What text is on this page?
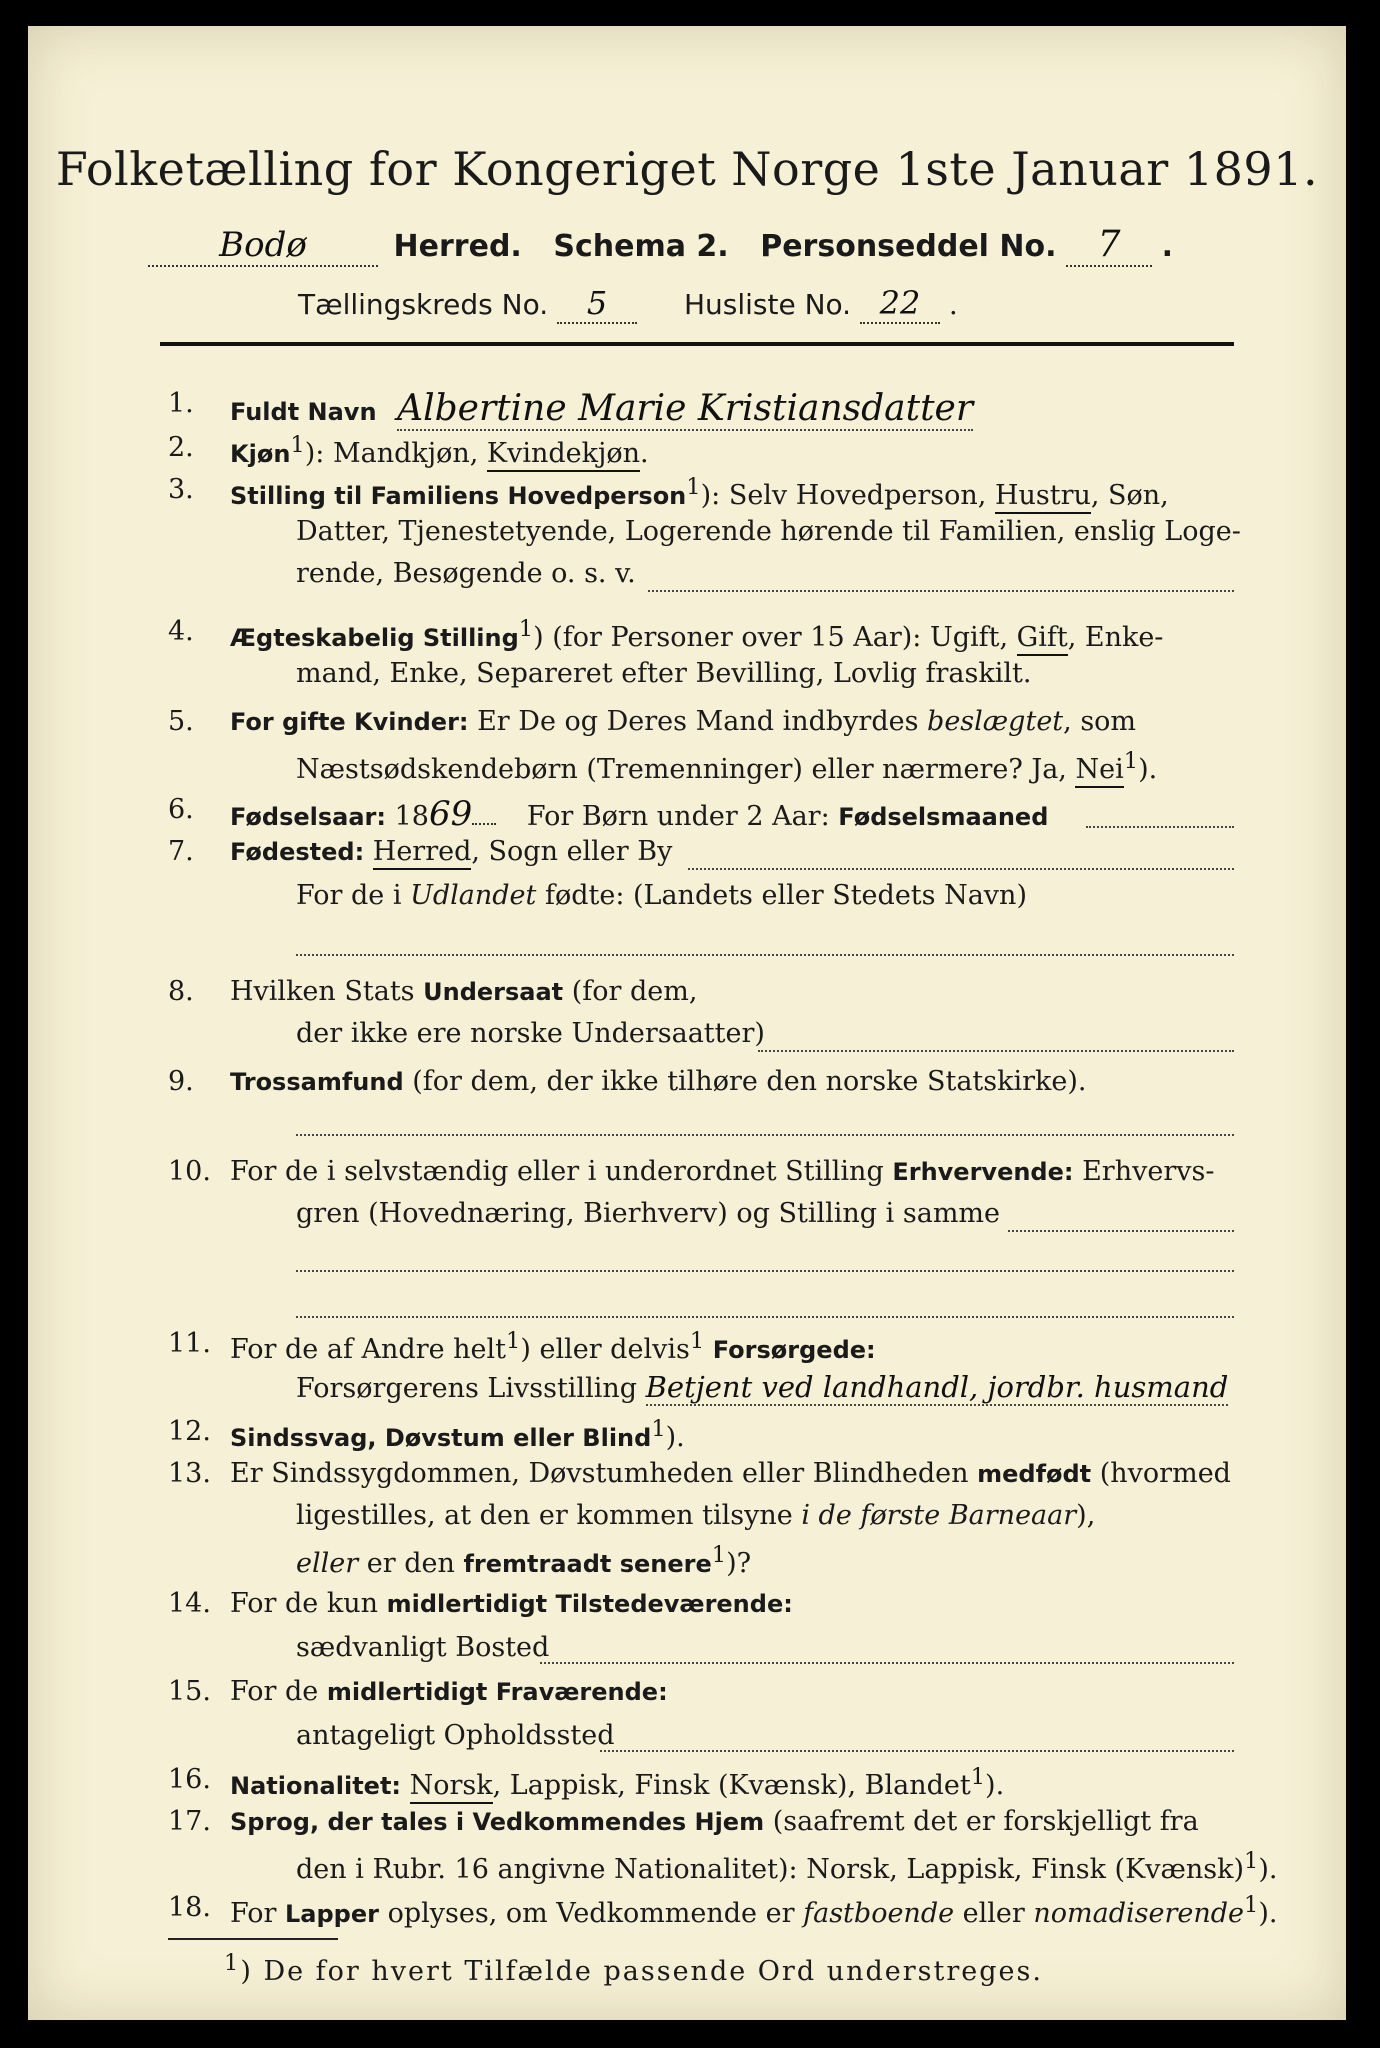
Folketælling for Kongeriget Norge 1ste Januar 1891.
Bodø	Herred. Schema 2. Personseddel No. 7 .
Tællingskreds No. 5	Husliste No. 22 .
1.	Fuldt Navn Albertine Marie Kristiansdatter
2.	Kjøn$^1$): Mandkjøn, Kvindekjøn.
3.	Stilling til Familiens Hovedperson$^1$): Selv Hovedperson, Hustru, Søn,
Datter, Tjenestetyende, Logerende hørende til Familien, enslig Loge-
rende, Besøgende o. s. v.
4.	Ægteskabelig Stilling$^1$) (for Personer over 15 Aar): Ugift, Gift, Enke-
mand, Enke, Separeret efter Bevilling, Lovlig fraskilt.
5.	For gifte Kvinder: Er De og Deres Mand indbyrdes beslægtet, som
Næstsødskendebørn (Tremenninger) eller nærmere? Ja, Nei$^1$).
6.	Fødselsaar: 1869 For Børn under 2 Aar: Fødselsmaaned
7.	Fødested: Herred, Sogn eller By
For de i Udlandet fødte: (Landets eller Stedets Navn)
8.	Hvilken Stats Undersaat (for dem,
der ikke ere norske Undersaatter)
9.	Trossamfund (for dem, der ikke tilhøre den norske Statskirke).
10. For de i selvstændig eller i underordnet Stilling Erhvervende: Erhvervs-
gren (Hovednæring, Bierhverv) og Stilling i samme
11. For de af Andre helt$^1$) eller delvis$^1$ Forsørgede:
Forsørgerens Livsstilling Betjent ved landhandl, jordbr. husmand
12. Sindssvag, Døvstum eller Blind$^1$).
13. Er Sindssygdommen, Døvstumheden eller Blindheden medfødt (hvormed
ligestilles, at den er kommen tilsyne i de første Barneaar),
eller er den fremtraadt senere$^1$)?
14. For de kun midlertidigt Tilstedeværende:
sædvanligt Bosted
15. For de midlertidigt Fraværende:
antageligt Opholdssted
16. Nationalitet: Norsk, Lappisk, Finsk (Kvænsk), Blandet$^1$).
17. Sprog, der tales i Vedkommendes Hjem (saafremt det er forskjelligt fra
den i Rubr. 16 angivne Nationalitet): Norsk, Lappisk, Finsk (Kvænsk)$^1$).
18. For Lapper oplyses, om Vedkommende er fastboende eller nomadiserende$^1$).
$^1$) De for hvert Tilfælde passende Ord understreges.
